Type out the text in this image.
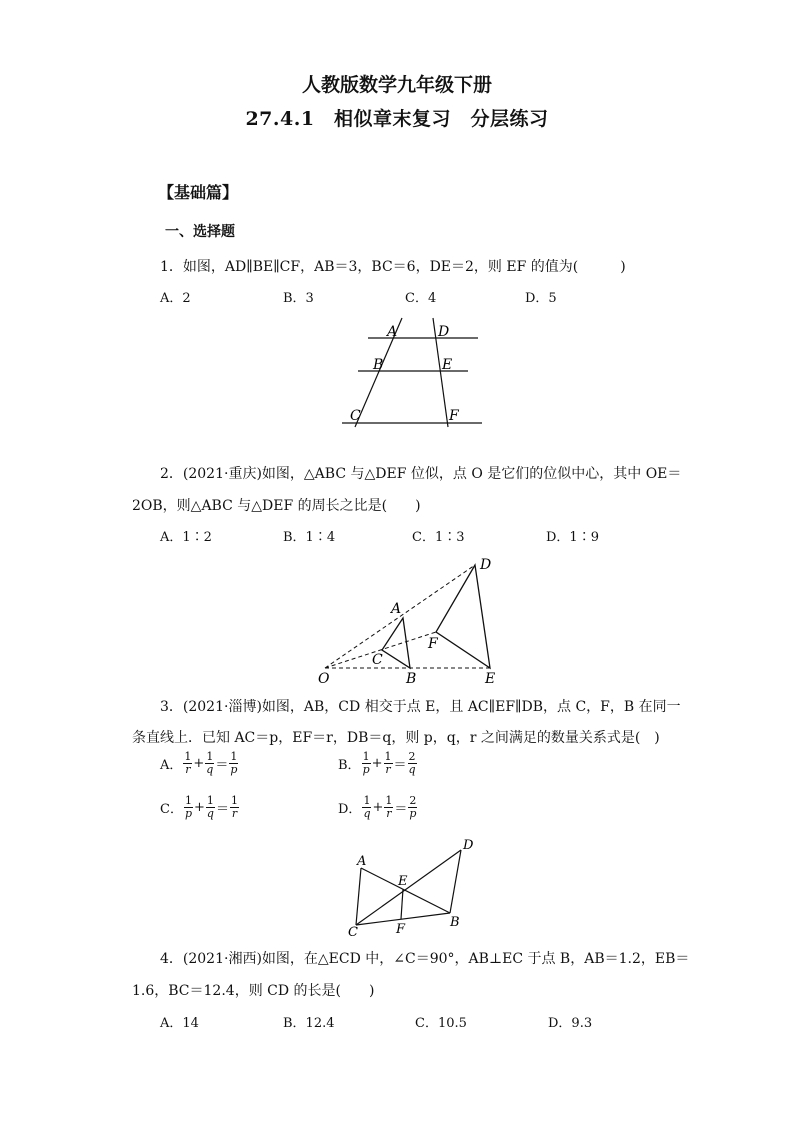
人教版数学九年级下册
27.4.1　相似章末复习　分层练习
【基础篇】
一、选择题
1．如图，AD∥BE∥CF，AB＝3，BC＝6，DE＝2，则 EF 的值为(　　　)
A．2	B．3	C．4	D．5
A	D
B	E
C	F
2．(2021·重庆)如图，△ABC 与△DEF 位似，点 O 是它们的位似中心，其中 OE＝
2OB，则△ABC 与△DEF 的周长之比是(　　)
A．1∶2	B．1∶4	C．1∶3	D．1∶9
D
A
F
C
O	B	E
3．(2021·淄博)如图，AB，CD 相交于点 E，且 AC∥EF∥DB，点 C，F，B 在同一
条直线上．已知 AC＝p，EF＝r，DB＝q，则 p，q，r 之间满足的数量关系式是(　)
A． $\frac{1}{r} + \frac{1}{q} = \frac{1}{p}$	B． $\frac{1}{p} + \frac{1}{r} = \frac{2}{q}$
C． $\frac{1}{p} + \frac{1}{q} = \frac{1}{r}$	D． $\frac{1}{q} + \frac{1}{r} = \frac{2}{p}$
A
D
E
C	F	B
4．(2021·湘西)如图，在△ECD 中，∠C＝90°，AB⊥EC 于点 B，AB＝1.2，EB＝
1.6，BC＝12.4，则 CD 的长是(　　)
A．14	B．12.4	C．10.5	D．9.3
